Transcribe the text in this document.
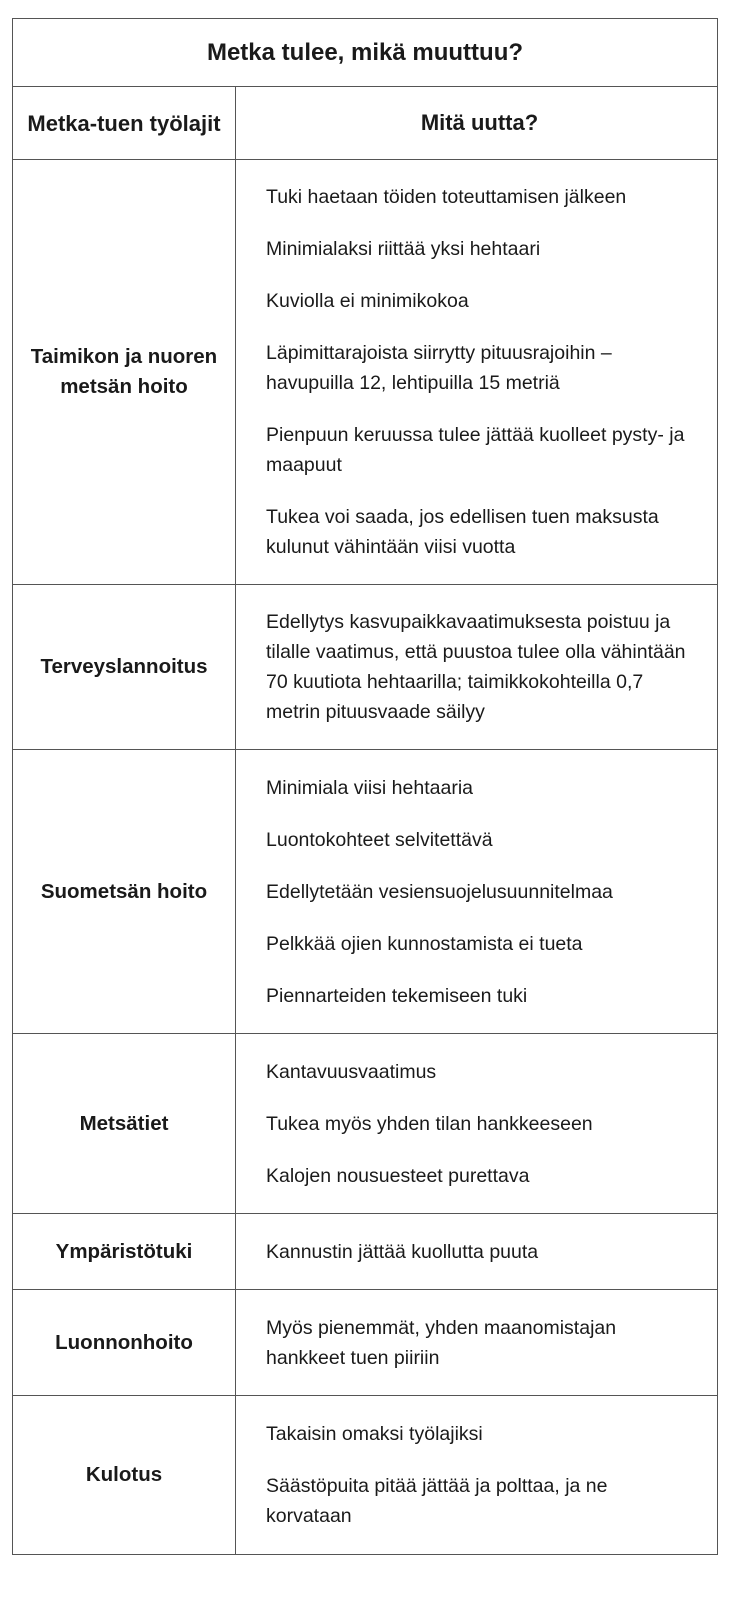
Metka tulee, mikä muuttuu?
Metka-tuen työlajit	Mitä uutta?
Taimikon ja nuoren metsän hoito

Tuki haetaan töiden toteuttamisen jälkeen

Minimialaksi riittää yksi hehtaari

Kuviolla ei minimikokoa

Läpimittarajoista siirrytty pituusrajoihin – havupuilla 12, lehtipuilla 15 metriä

Pienpuun keruussa tulee jättää kuolleet pysty- ja maapuut

Tukea voi saada, jos edellisen tuen maksusta kulunut vähintään viisi vuotta

Terveyslannoitus

Edellytys kasvupaikkavaatimuksesta poistuu ja tilalle vaatimus, että puustoa tulee olla vähintään 70 kuutiota hehtaarilla; taimikkokohteilla 0,7 metrin pituusvaade säilyy

Suometsän hoito

Minimiala viisi hehtaaria

Luontokohteet selvitettävä

Edellytetään vesiensuojelusuunnitelmaa

Pelkkää ojien kunnostamista ei tueta

Piennarteiden tekemiseen tuki

Metsätiet

Kantavuusvaatimus

Tukea myös yhden tilan hankkeeseen

Kalojen nousuesteet purettava

Ympäristötuki	Kannustin jättää kuollutta puuta

Luonnonhoito

Myös pienemmät, yhden maanomistajan hankkeet tuen piiriin

Kulotus

Takaisin omaksi työlajiksi

Säästöpuita pitää jättää ja polttaa, ja ne korvataan
